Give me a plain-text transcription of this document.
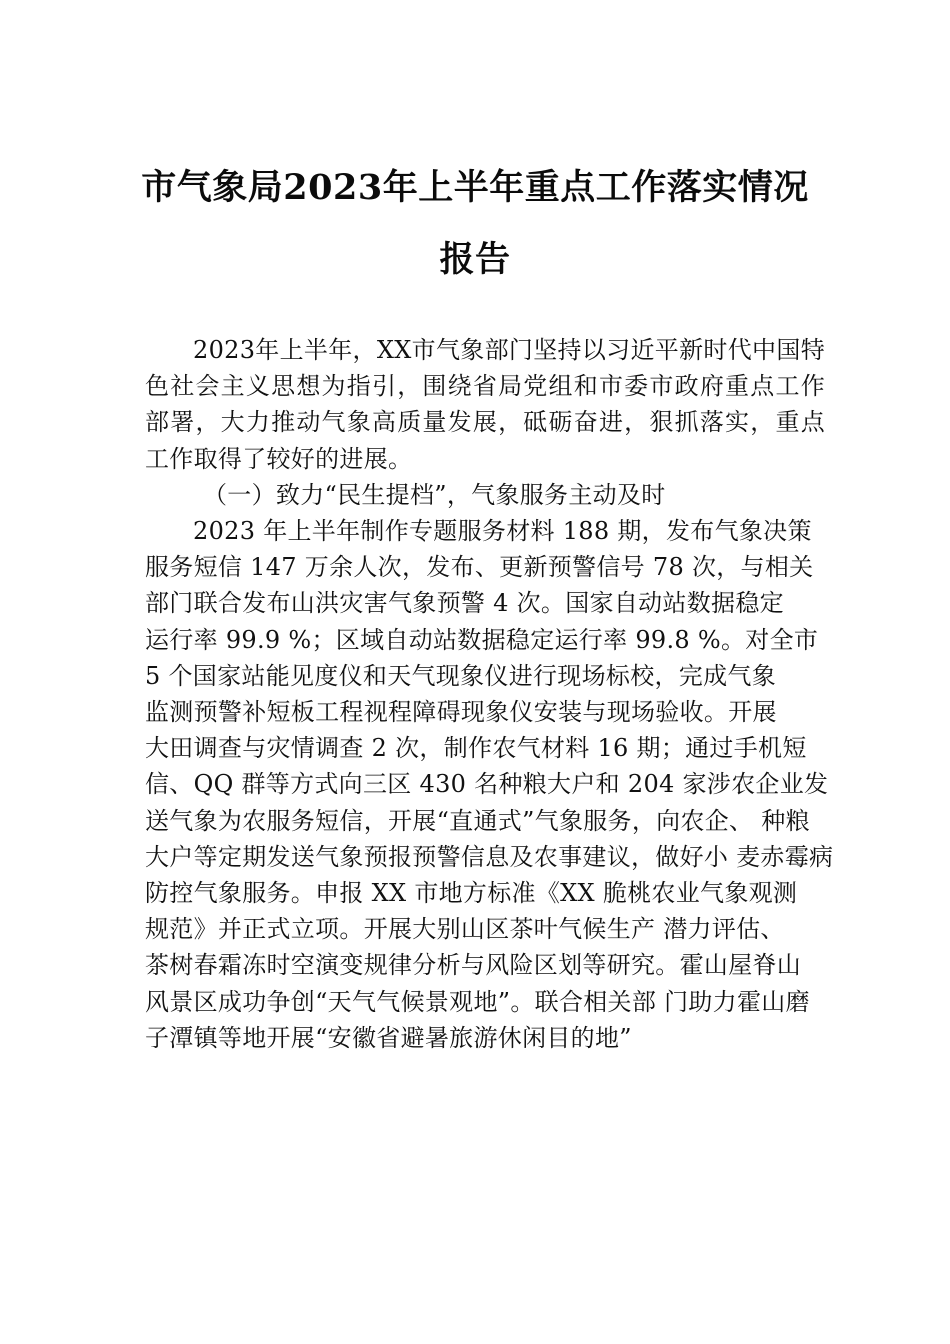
市气象局2023年上半年重点工作落实情况
报告

2023年上半年，XX市气象部门坚持以习近平新时代中国特色社会主义思想为指引，围绕省局党组和市委市政府重点工作部署，大力推动气象高质量发展，砥砺奋进，狠抓落实，重点工作取得了较好的进展。

（一）致力“民生提档”，气象服务主动及时

2023 年上半年制作专题服务材料 188 期，发布气象决策
服务短信 147 万余人次，发布、更新预警信号 78 次，与相关
部门联合发布山洪灾害气象预警 4 次。国家自动站数据稳定
运行率 99.9 %；区域自动站数据稳定运行率 99.8 %。对全市
5 个国家站能见度仪和天气现象仪进行现场标校，完成气象
监测预警补短板工程视程障碍现象仪安装与现场验收。开展
大田调查与灾情调查 2 次，制作农气材料 16 期；通过手机短
信、QQ 群等方式向三区 430 名种粮大户和 204 家涉农企业发
送气象为农服务短信，开展“直通式”气象服务，向农企、 种粮
大户等定期发送气象预报预警信息及农事建议，做好小 麦赤霉病
防控气象服务。申报 XX 市地方标准《XX 脆桃农业气象观测
规范》并正式立项。开展大别山区茶叶气候生产 潜力评估、
茶树春霜冻时空演变规律分析与风险区划等研究。霍山屋脊山
风景区成功争创“天气气候景观地”。联合相关部 门助力霍山磨
子潭镇等地开展“安徽省避暑旅游休闲目的地”
